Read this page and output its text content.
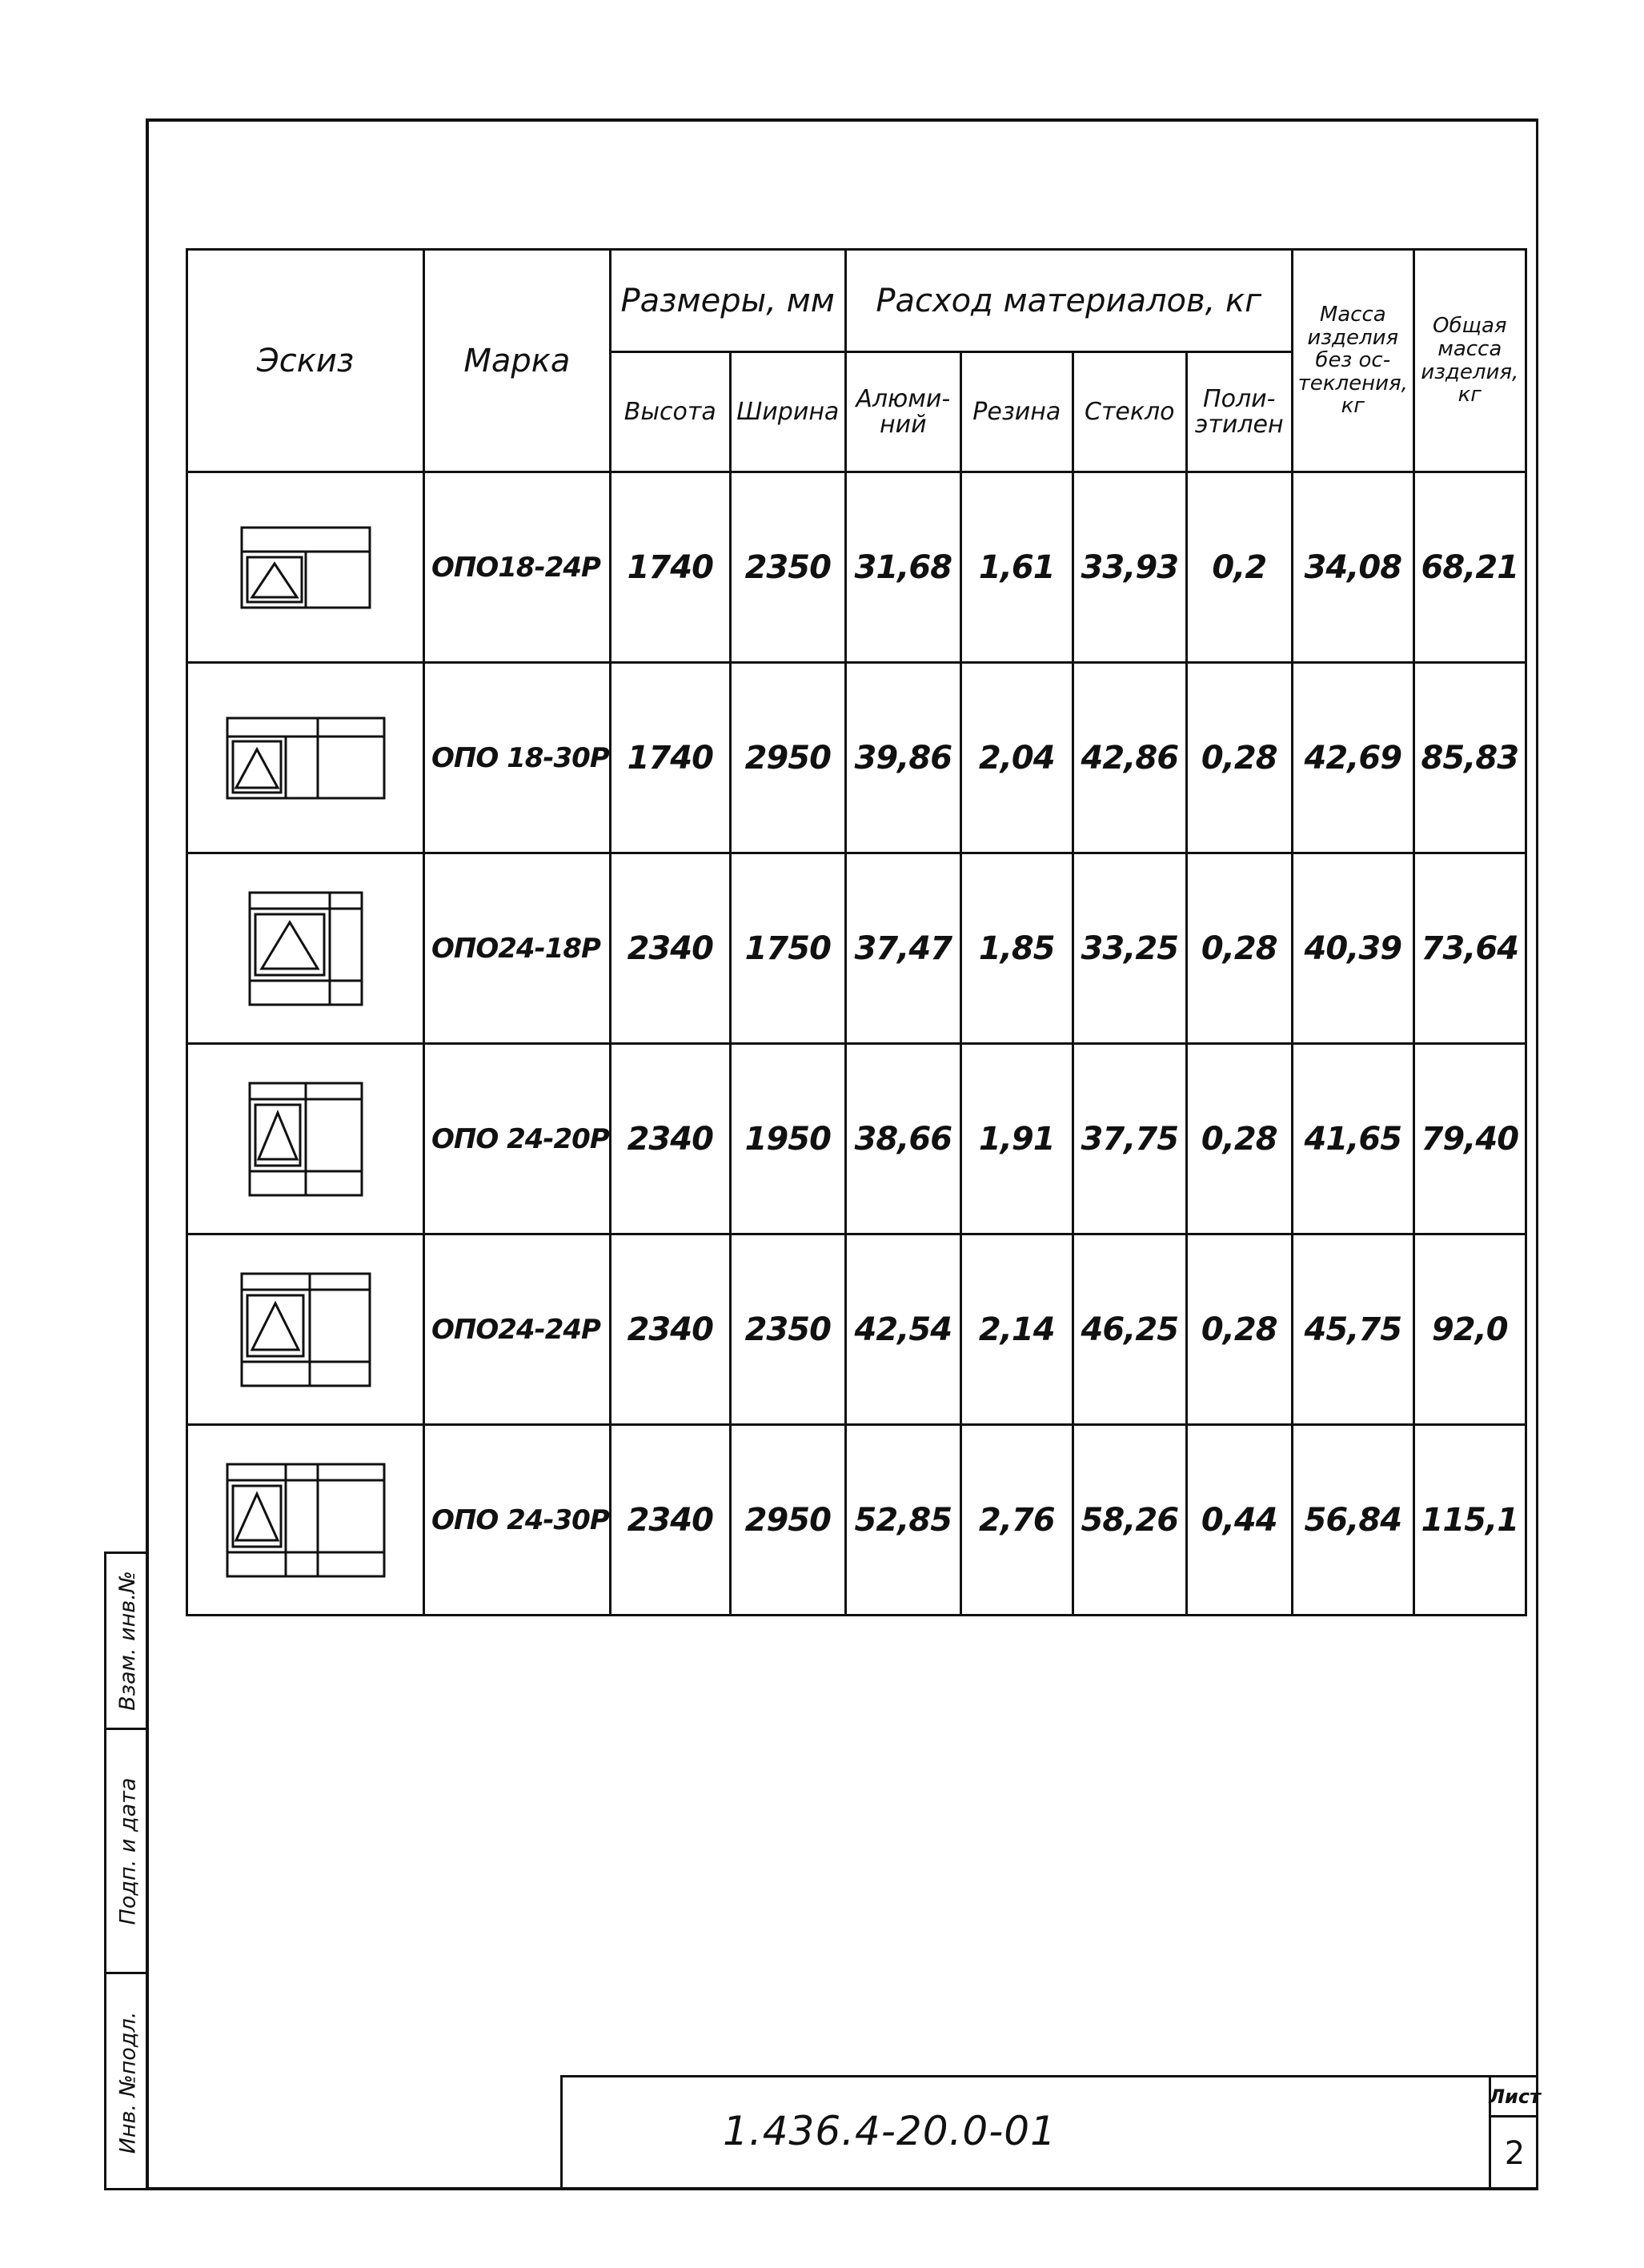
Взам. инв.№
Подп. и дата
Инв. №подл.
Эскиз	Марка	Размеры, мм		Расход материалов, кг				Масса изделия без ос-текления, кг	Общая масса изделия, кг
		Высота	Ширина	Алюми-ний	Резина	Стекло	Поли-этилен		

	ОПО18-24Р	1740	2350	31,68	1,61	33,93	0,2	34,08	68,21

	ОПО 18-30Р	1740	2950	39,86	2,04	42,86	0,28	42,69	85,83

	ОПО24-18Р	2340	1750	37,47	1,85	33,25	0,28	40,39	73,64

	ОПО 24-20Р	2340	1950	38,66	1,91	37,75	0,28	41,65	79,40

	ОПО24-24Р	2340	2350	42,54	2,14	46,25	0,28	45,75	92,0

	ОПО 24-30Р	2340	2950	52,85	2,76	58,26	0,44	56,84	115,1
1.436.4-20.0-01
Лист
2
